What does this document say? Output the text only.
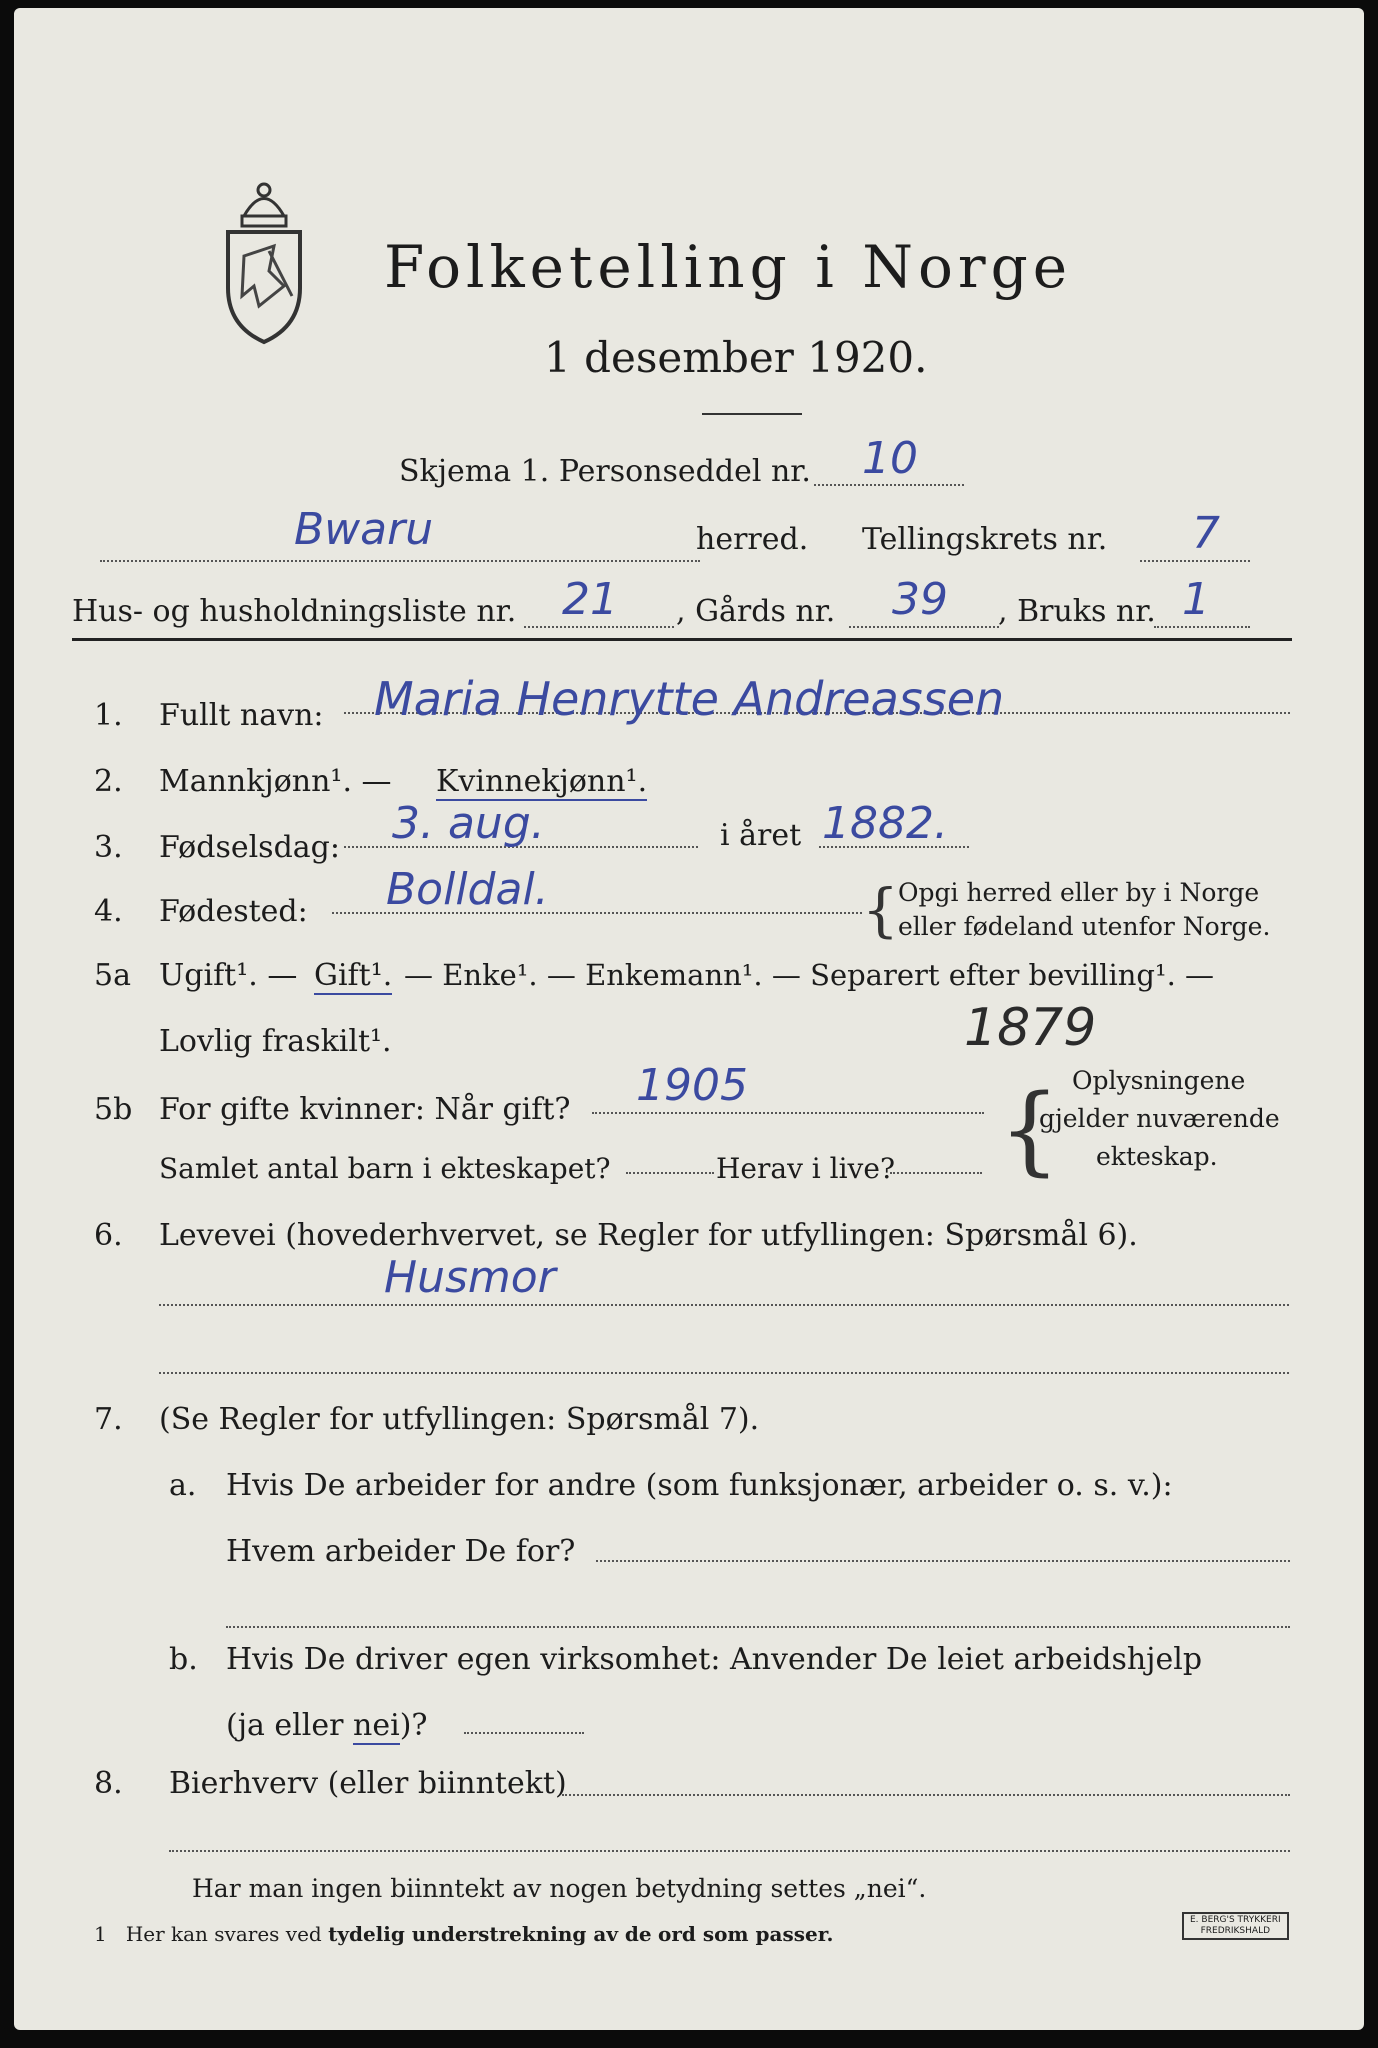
Folketelling i Norge
1 desember 1920.
Skjema 1. Personseddel nr. 10
Bwaru	herred. Tellingskrets nr. 7
Hus- og husholdningsliste nr. 21 , Gårds nr. 39 , Bruks nr. 1
1. Fullt navn: Maria Henrytte Andreassen
2. Mannkjønn¹. — Kvinnekjønn¹.
3. Fødselsdag: 3. aug.	i året 1882.
4. Fødested: Bolldal.	{ Opgi herred eller by i Norge
eller fødeland utenfor Norge.
5a Ugift¹. — Gift¹. — Enke¹. — Enkemann¹. — Separert efter bevilling¹. —
Lovlig fraskilt¹.	1879
5b For gifte kvinner: Når gift? 1905
Samlet antal barn i ekteskapet?	Herav i live? { Oplysningene
gjelder nuværende
ekteskap.
6. Levevei (hovederhvervet, se Regler for utfyllingen: Spørsmål 6).
Husmor
7. (Se Regler for utfyllingen: Spørsmål 7).
a. Hvis De arbeider for andre (som funksjonær, arbeider o. s. v.):
Hvem arbeider De for?
b. Hvis De driver egen virksomhet: Anvender De leiet arbeidshjelp
(ja eller nei)?
8. Bierhverv (eller biinntekt)
Har man ingen biinntekt av nogen betydning settes „nei“.
1 Her kan svares ved tydelig understrekning av de ord som passer.
E. BERG'S TRYKKERI
FREDRIKSHALD
